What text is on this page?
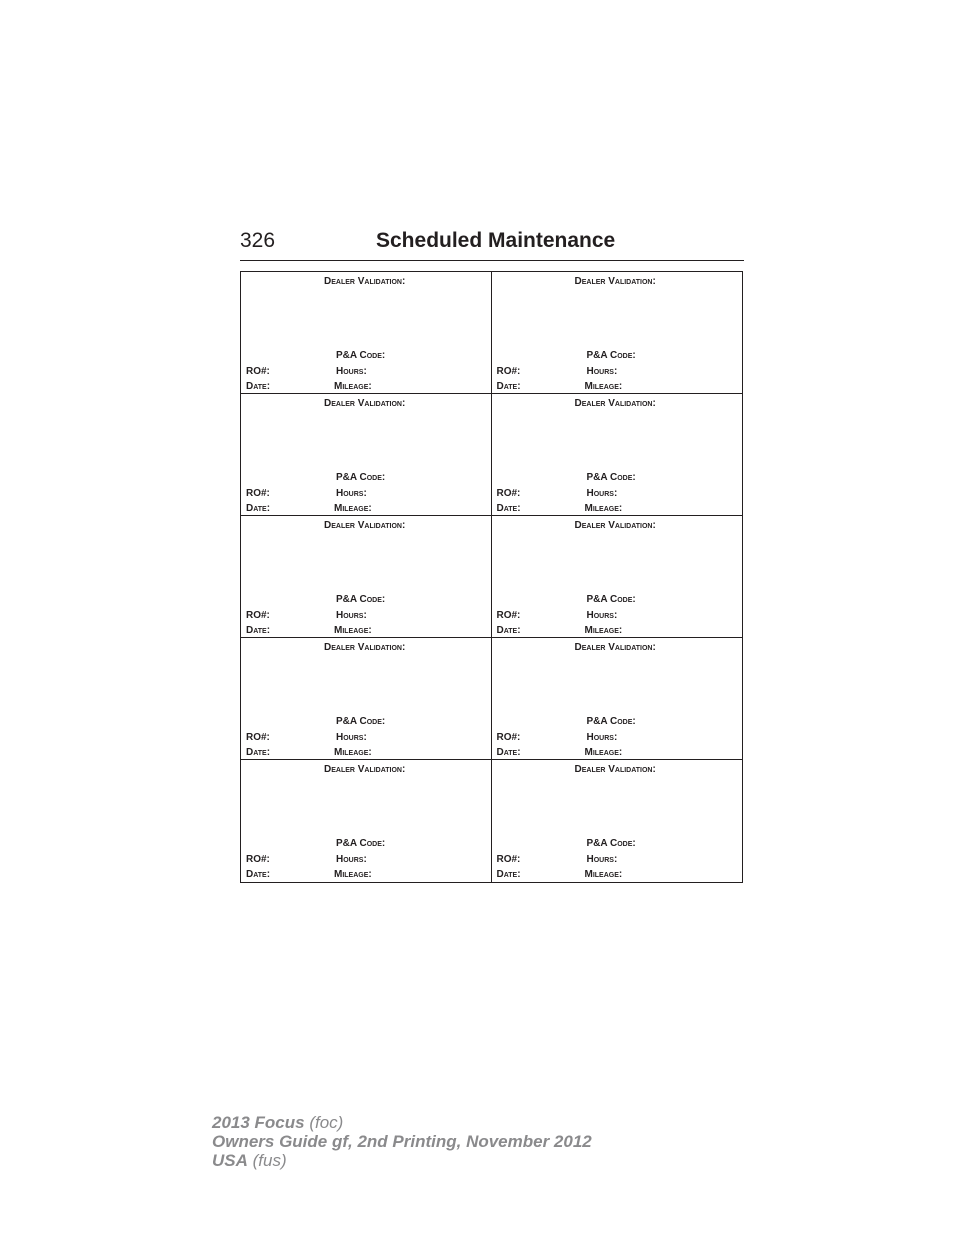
326	Scheduled Maintenance
Dealer Validation:
P&A Code:
RO#:	Hours:
Date:	Mileage:
Dealer Validation:
P&A Code:
RO#:	Hours:
Date:	Mileage:
Dealer Validation:
P&A Code:
RO#:	Hours:
Date:	Mileage:
Dealer Validation:
P&A Code:
RO#:	Hours:
Date:	Mileage:
Dealer Validation:
P&A Code:
RO#:	Hours:
Date:	Mileage:
Dealer Validation:
P&A Code:
RO#:	Hours:
Date:	Mileage:
Dealer Validation:
P&A Code:
RO#:	Hours:
Date:	Mileage:
Dealer Validation:
P&A Code:
RO#:	Hours:
Date:	Mileage:
Dealer Validation:
P&A Code:
RO#:	Hours:
Date:	Mileage:
Dealer Validation:
P&A Code:
RO#:	Hours:
Date:	Mileage:
2013 Focus (foc)
Owners Guide gf, 2nd Printing, November 2012
USA (fus)
